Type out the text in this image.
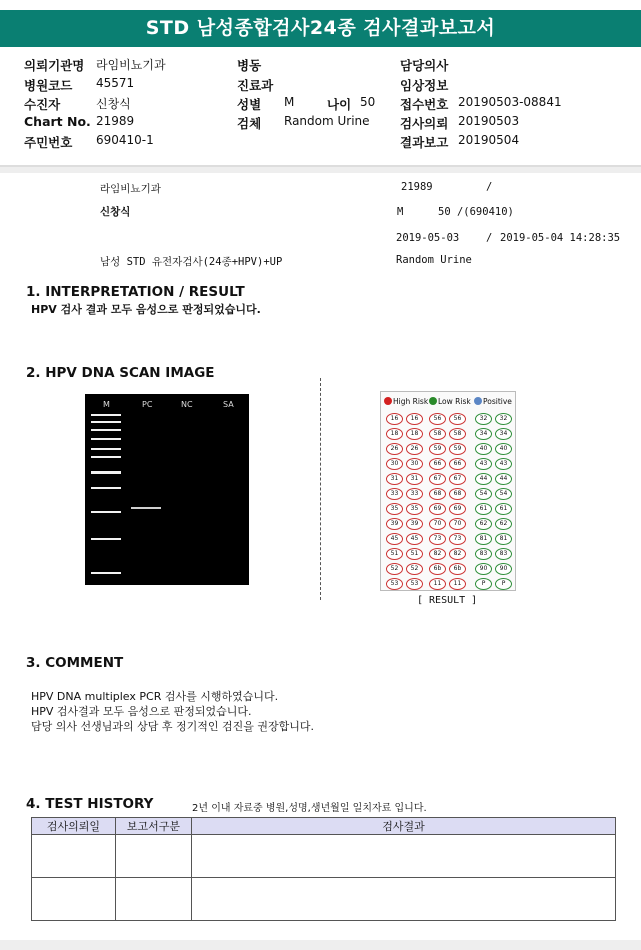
STD 남성종합검사24종 검사결과보고서
의뢰기관명 라임비뇨기과
병원코드 45571
수진자	신창식
Chart No. 21989
주민번호 690410-1
병동
진료과
성별 M	나이 50
검체 Random Urine
담당의사
임상정보
접수번호 20190503-08841
검사의뢰 20190503
결과보고 20190504
라임비뇨기과	21989	/
신창식	M	50 /(690410)
2019-05-03	/ 2019-05-04 14:28:35
남성 STD 유전자검사(24종+HPV)+UP	Random Urine
1. INTERPRETATION / RESULT
HPV 검사 결과 모두 음성으로 판정되었습니다.
2. HPV DNA SCAN IMAGE
M	PC	NC	SA	High Risk	Low Risk	Positive
16	16	56	56	32	32
18	18	58	58	34	34
26	26	59	59	40	40
30	30	66	66	43	43
31	31	67	67	44	44
33	33	68	68	54	54
35	35	69	69	61	61
39	39	70	70	62	62
45	45	73	73	81	81
51	51	82	82	83	83
52	52	6b	6b	90	90
53	53	11	11	P	P
[ RESULT ]
3. COMMENT
HPV DNA multiplex PCR 검사를 시행하였습니다.
HPV 검사결과 모두 음성으로 판정되었습니다.
담당 의사 선생님과의 상담 후 정기적인 검진을 권장합니다.
4. TEST HISTORY	2년 이내 자료중 병원,성명,생년월일 일치자료 입니다.
검사의뢰일	보고서구분	검사결과
